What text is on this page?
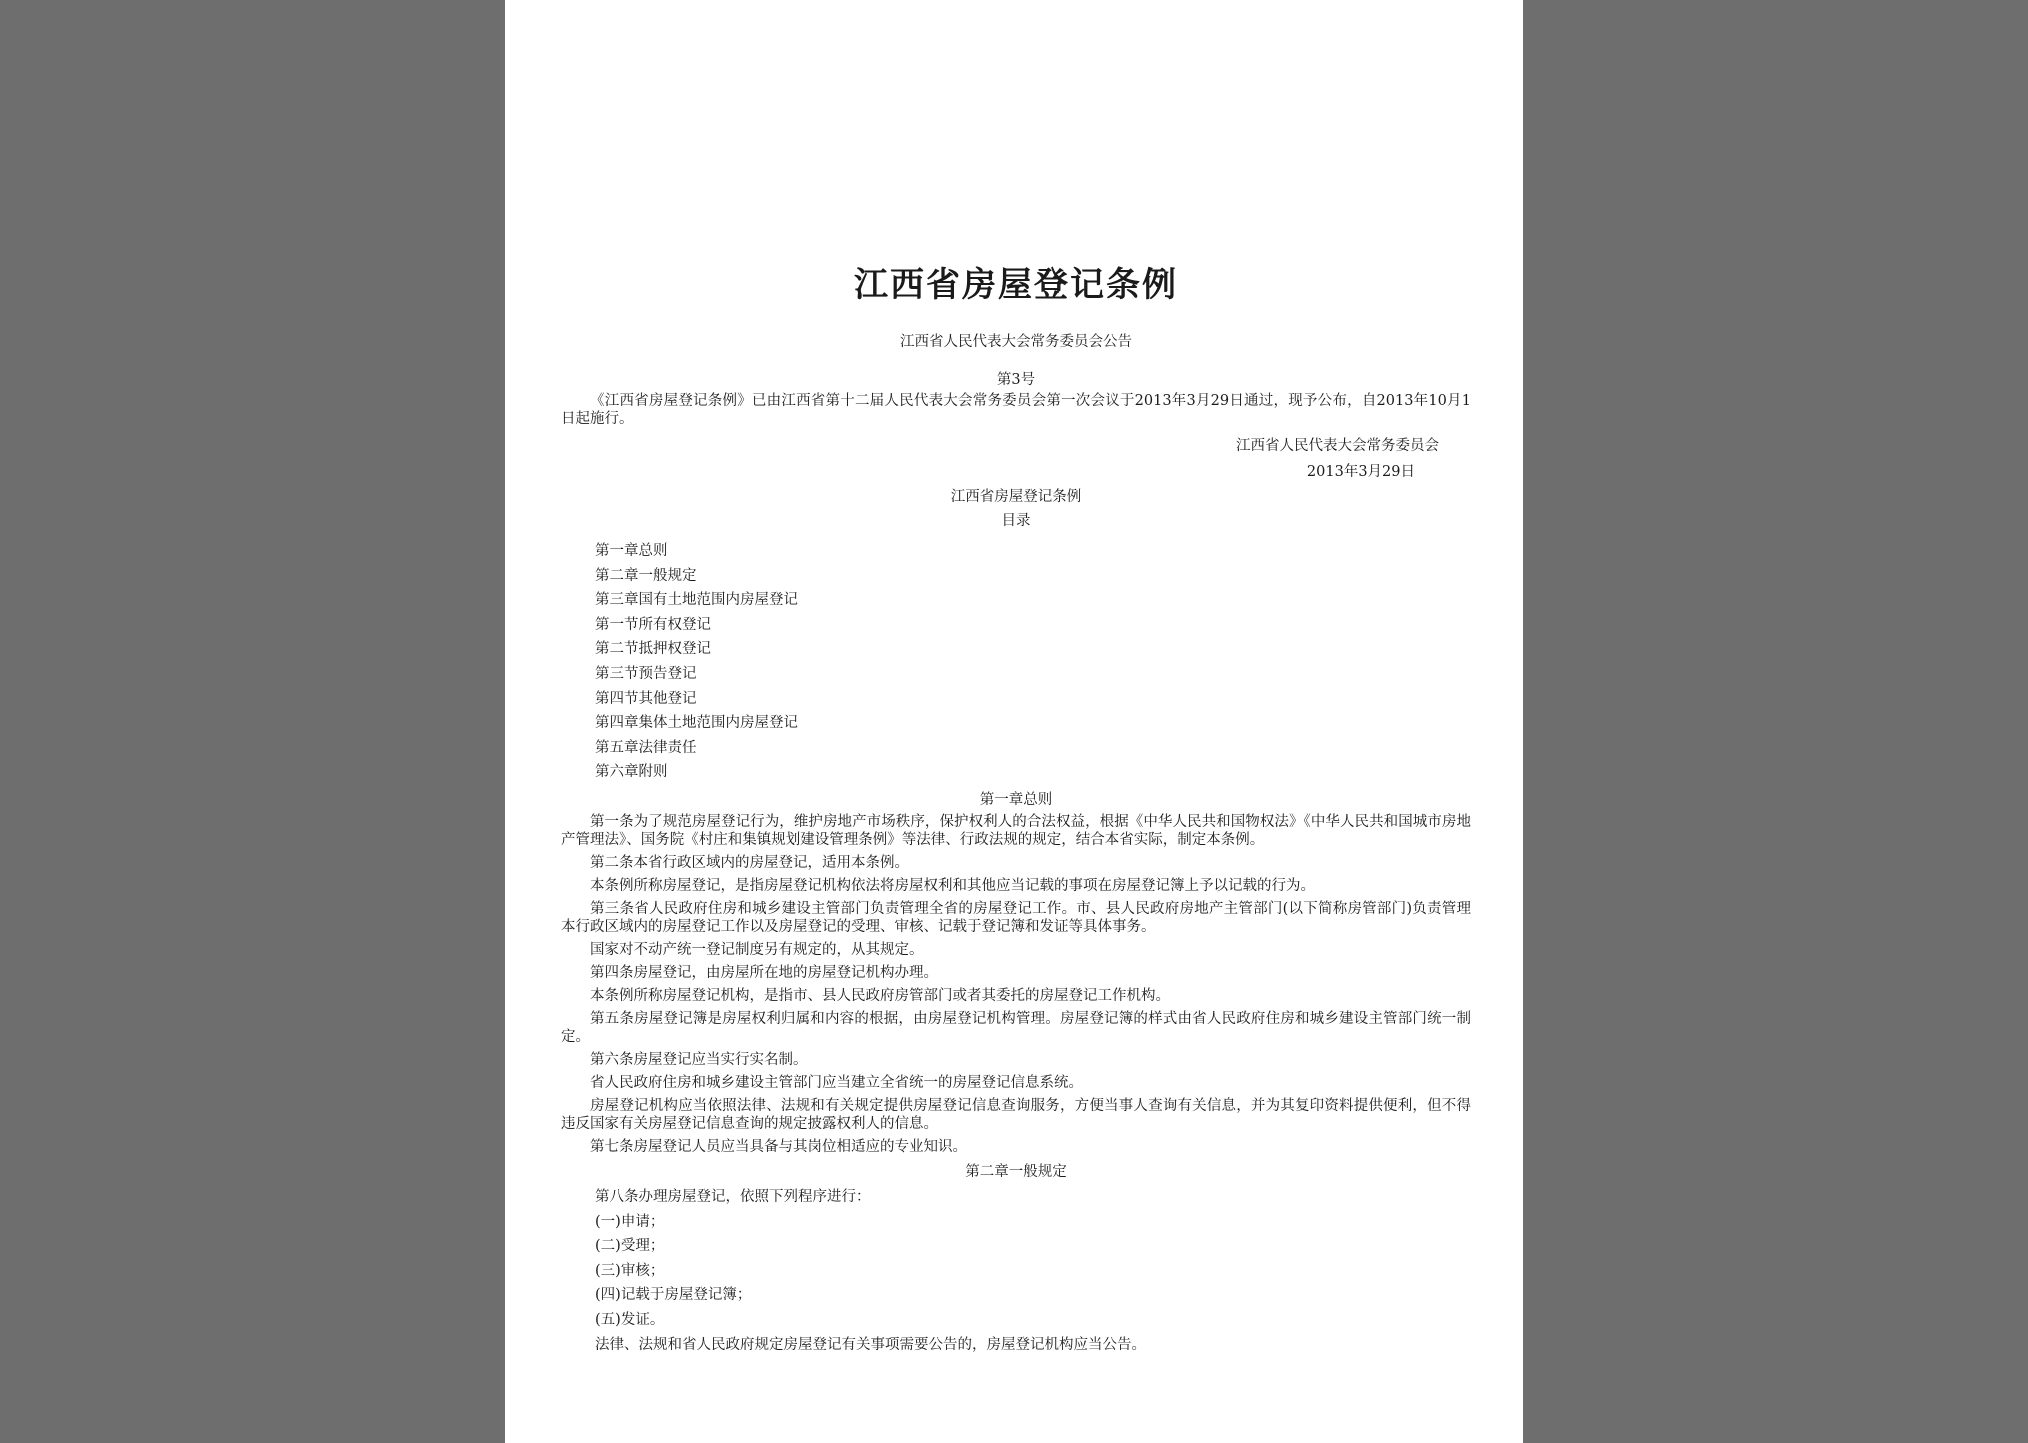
江西省房屋登记条例
江西省人民代表大会常务委员会公告
第3号

《江西省房屋登记条例》已由江西省第十二届人民代表大会常务委员会第一次会议于2013年3月29日通过，现予公布，自2013年10月1日起施行。

江西省人民代表大会常务委员会
2013年3月29日
江西省房屋登记条例
目录
第一章总则
第二章一般规定
第三章国有土地范围内房屋登记
第一节所有权登记
第二节抵押权登记
第三节预告登记
第四节其他登记
第四章集体土地范围内房屋登记
第五章法律责任
第六章附则
第一章总则

第一条为了规范房屋登记行为，维护房地产市场秩序，保护权利人的合法权益，根据《中华人民共和国物权法》《中华人民共和国城市房地产管理法》、国务院《村庄和集镇规划建设管理条例》等法律、行政法规的规定，结合本省实际，制定本条例。

第二条本省行政区域内的房屋登记，适用本条例。

本条例所称房屋登记，是指房屋登记机构依法将房屋权利和其他应当记载的事项在房屋登记簿上予以记载的行为。

第三条省人民政府住房和城乡建设主管部门负责管理全省的房屋登记工作。市、县人民政府房地产主管部门(以下简称房管部门)负责管理本行政区域内的房屋登记工作以及房屋登记的受理、审核、记载于登记簿和发证等具体事务。

国家对不动产统一登记制度另有规定的，从其规定。

第四条房屋登记，由房屋所在地的房屋登记机构办理。

本条例所称房屋登记机构，是指市、县人民政府房管部门或者其委托的房屋登记工作机构。

第五条房屋登记簿是房屋权利归属和内容的根据，由房屋登记机构管理。房屋登记簿的样式由省人民政府住房和城乡建设主管部门统一制定。

第六条房屋登记应当实行实名制。

省人民政府住房和城乡建设主管部门应当建立全省统一的房屋登记信息系统。

房屋登记机构应当依照法律、法规和有关规定提供房屋登记信息查询服务，方便当事人查询有关信息，并为其复印资料提供便利，但不得违反国家有关房屋登记信息查询的规定披露权利人的信息。

第七条房屋登记人员应当具备与其岗位相适应的专业知识。

第二章一般规定
第八条办理房屋登记，依照下列程序进行：
(一)申请；
(二)受理；
(三)审核；
(四)记载于房屋登记簿；
(五)发证。
法律、法规和省人民政府规定房屋登记有关事项需要公告的，房屋登记机构应当公告。
